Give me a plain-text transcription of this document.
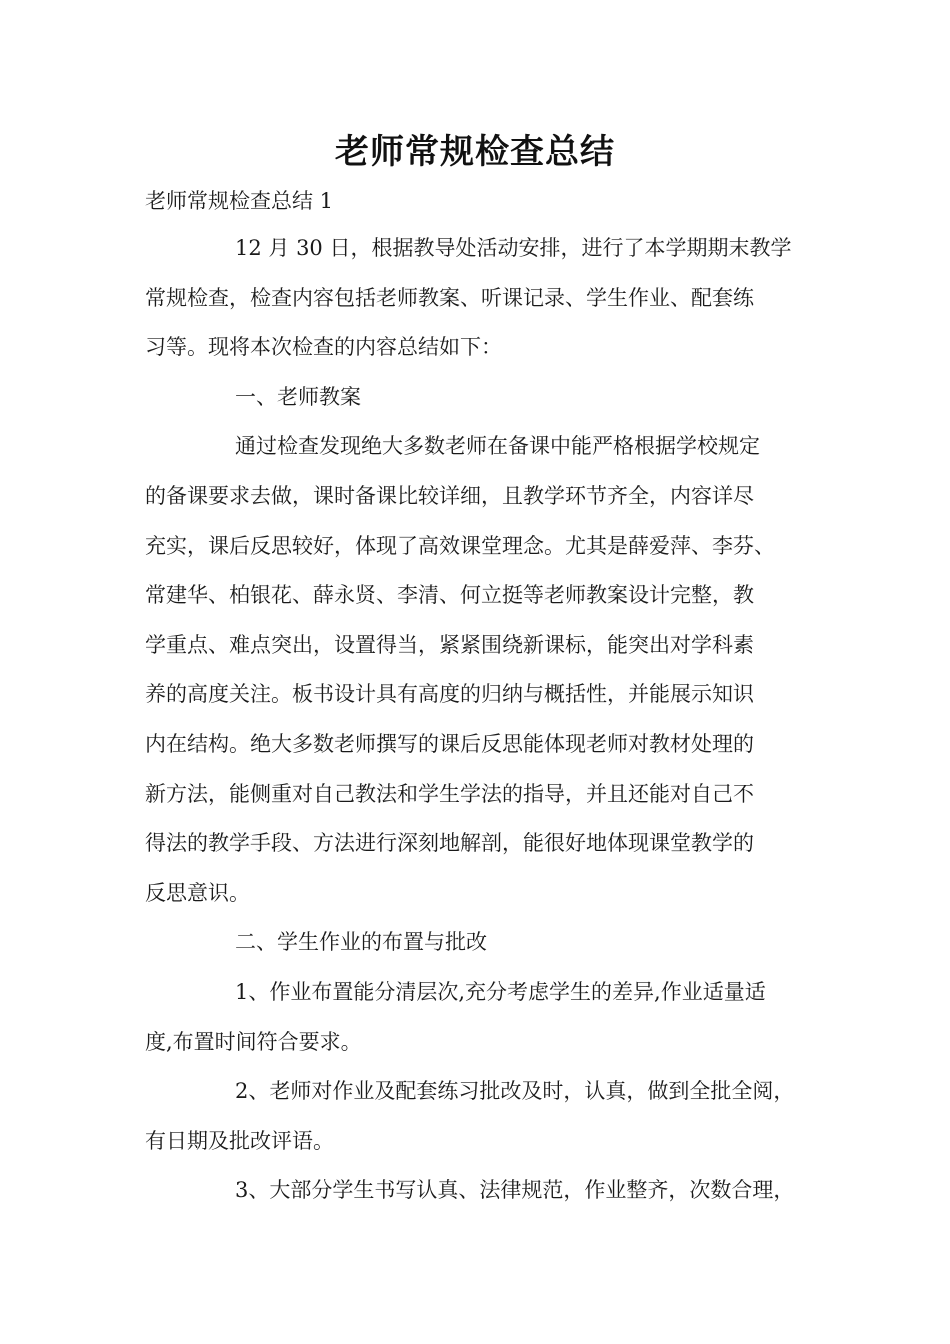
老师常规检查总结
老师常规检查总结 1
12 月 30 日，根据教导处活动安排，进行了本学期期末教学
常规检查，检查内容包括老师教案、听课记录、学生作业、配套练
习等。现将本次检查的内容总结如下：
一、老师教案
通过检查发现绝大多数老师在备课中能严格根据学校规定
的备课要求去做，课时备课比较详细，且教学环节齐全，内容详尽
充实，课后反思较好，体现了高效课堂理念。尤其是薛爱萍、李芬、
常建华、柏银花、薛永贤、李清、何立挺等老师教案设计完整，教
学重点、难点突出，设置得当，紧紧围绕新课标，能突出对学科素
养的高度关注。板书设计具有高度的归纳与概括性，并能展示知识
内在结构。绝大多数老师撰写的课后反思能体现老师对教材处理的
新方法，能侧重对自己教法和学生学法的指导，并且还能对自己不
得法的教学手段、方法进行深刻地解剖，能很好地体现课堂教学的
反思意识。
二、学生作业的布置与批改
1、作业布置能分清层次,充分考虑学生的差异,作业适量适
度,布置时间符合要求。
2、老师对作业及配套练习批改及时，认真，做到全批全阅，
有日期及批改评语。
3、大部分学生书写认真、法律规范，作业整齐，次数合理，
